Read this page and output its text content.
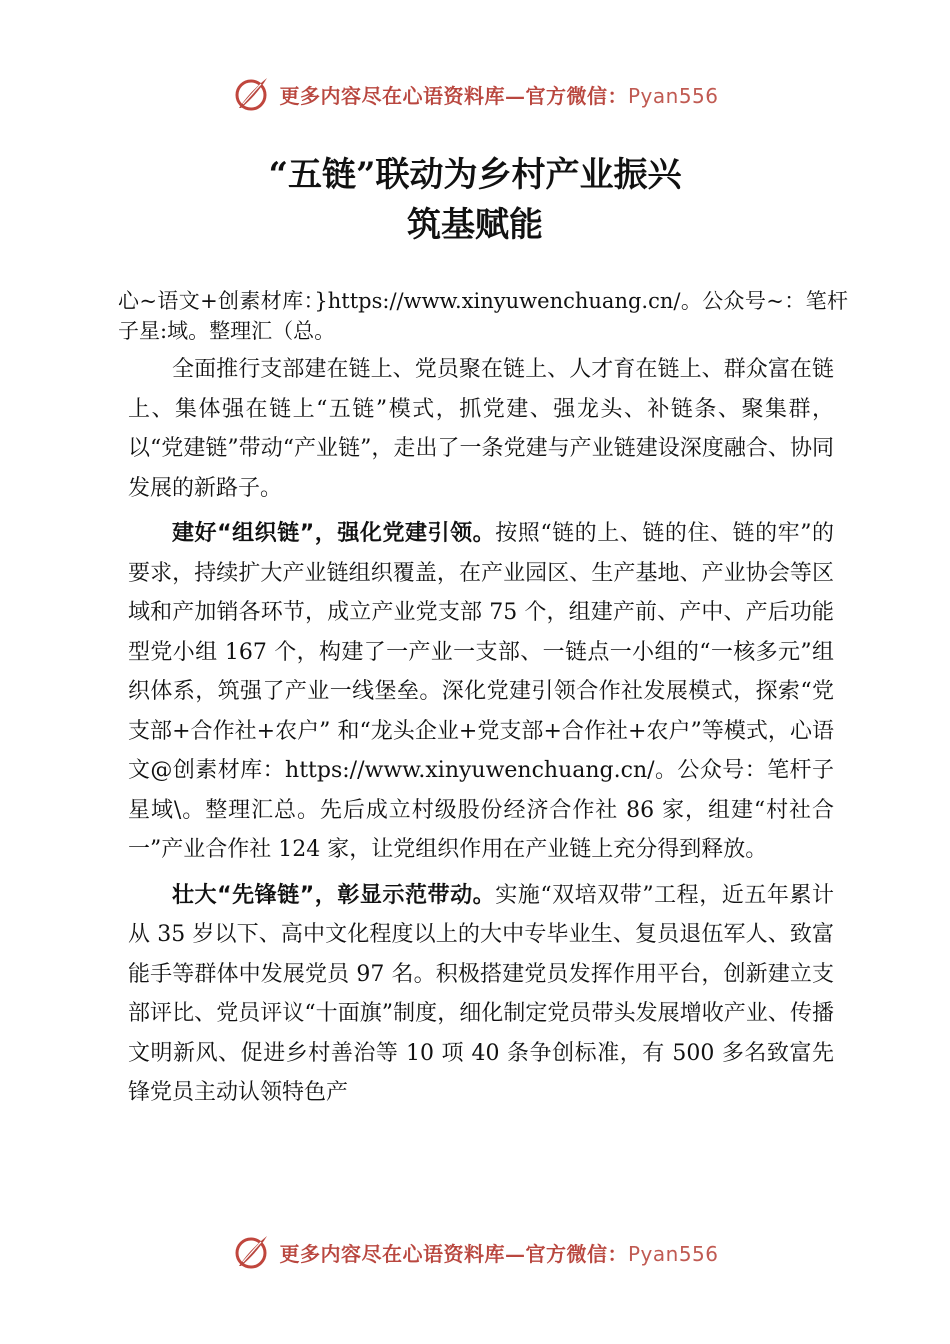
更多内容尽在心语资料库—官方微信：Pyan556
“五链”联动为乡村产业振兴
筑基赋能

心~语文+创素材库：}https://www.xinyuwenchuang.cn/。公众号~：笔杆子星:域。整理汇（总。

全面推行支部建在链上、党员聚在链上、人才育在链上、群众富在链上、集体强在链上“五链”模式，抓党建、强龙头、补链条、聚集群，以“党建链”带动“产业链”，走出了一条党建与产业链建设深度融合、协同发展的新路子。

建好“组织链”，强化党建引领。按照“链的上、链的住、链的牢”的要求，持续扩大产业链组织覆盖，在产业园区、生产基地、产业协会等区域和产加销各环节，成立产业党支部 75 个，组建产前、产中、产后功能型党小组 167 个，构建了一产业一支部、一链点一小组的“一核多元”组织体系，筑强了产业一线堡垒。深化党建引领合作社发展模式，探索“党支部+合作社+农户” 和“龙头企业+党支部+合作社+农户”等模式，心语文@创素材库：https://www.xinyuwenchuang.cn/。公众号：笔杆子星域\。整理汇总。先后成立村级股份经济合作社 86 家，组建“村社合一”产业合作社 124 家，让党组织作用在产业链上充分得到释放。

壮大“先锋链”，彰显示范带动。实施“双培双带”工程，近五年累计从 35 岁以下、高中文化程度以上的大中专毕业生、复员退伍军人、致富能手等群体中发展党员 97 名。积极搭建党员发挥作用平台，创新建立支部评比、党员评议“十面旗”制度，细化制定党员带头发展增收产业、传播文明新风、促进乡村善治等 10 项 40 条争创标准，有 500 多名致富先锋党员主动认领特色产

更多内容尽在心语资料库—官方微信：Pyan556
